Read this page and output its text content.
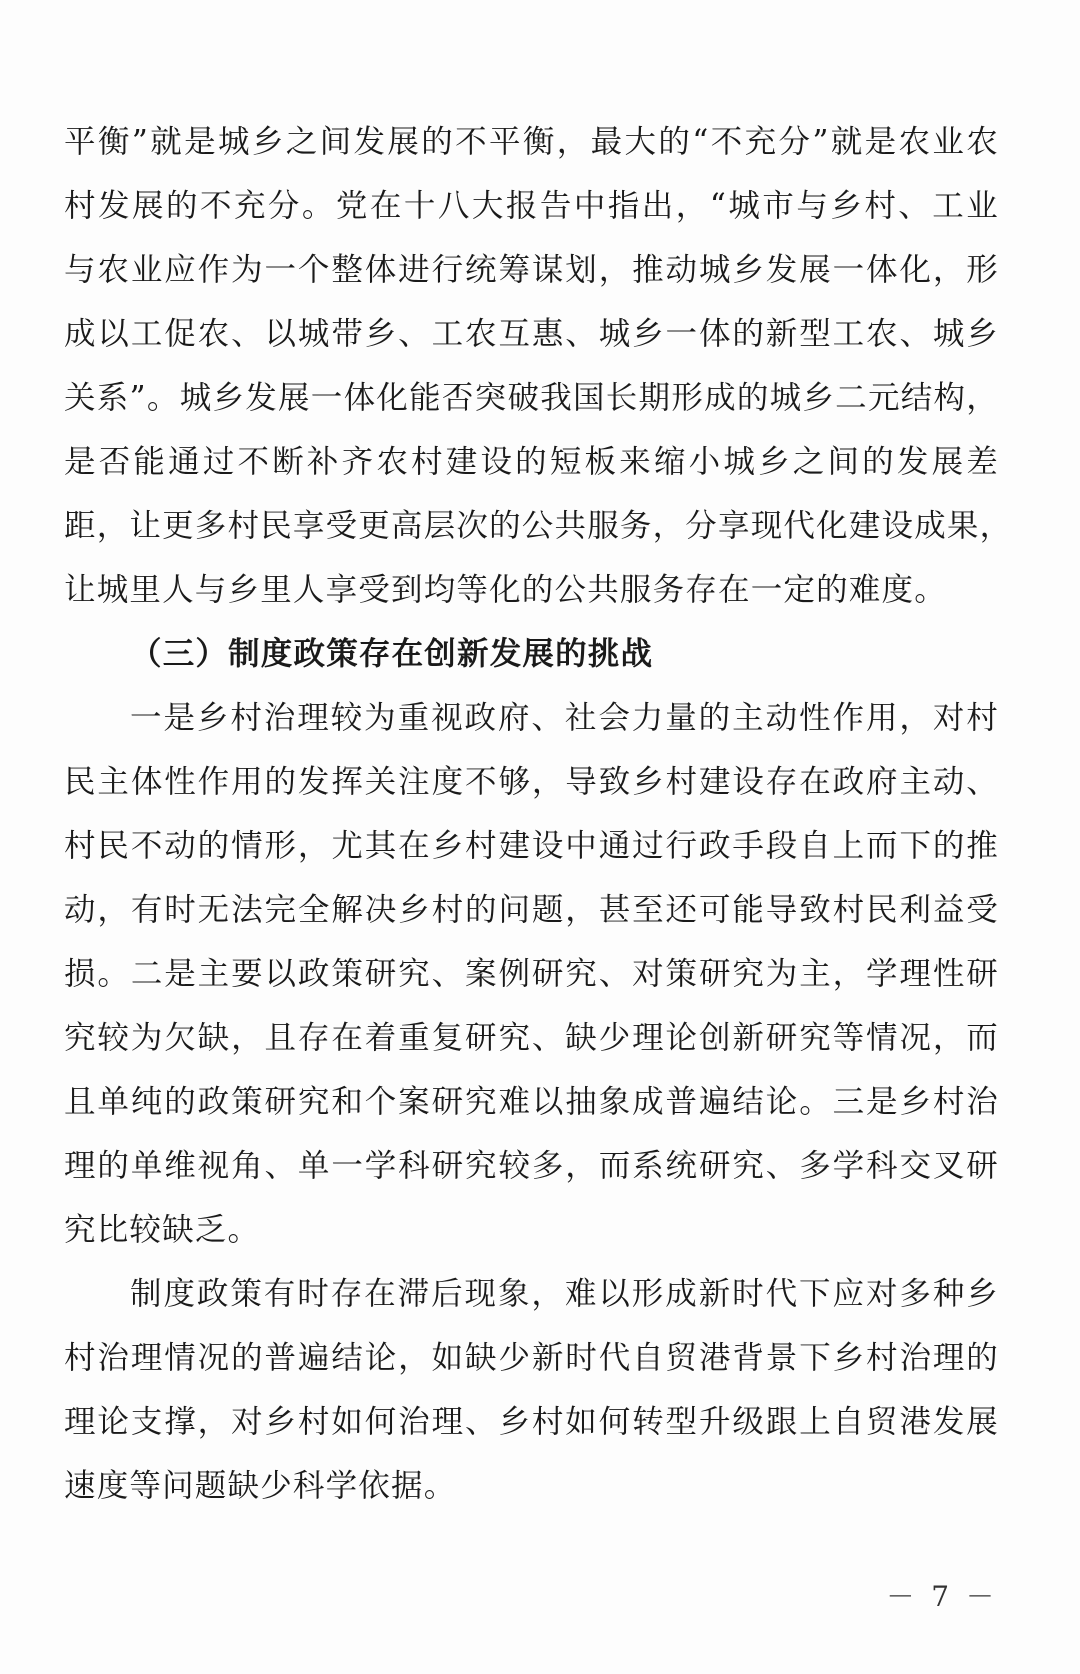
平衡”就是城乡之间发展的不平衡，最大的“不充分”就是农业农
村发展的不充分。党在十八大报告中指出，“城市与乡村、工业
与农业应作为一个整体进行统筹谋划，推动城乡发展一体化，形
成以工促农、以城带乡、工农互惠、城乡一体的新型工农、城乡
关系”。城乡发展一体化能否突破我国长期形成的城乡二元结构，
是否能通过不断补齐农村建设的短板来缩小城乡之间的发展差
距，让更多村民享受更高层次的公共服务，分享现代化建设成果，
让城里人与乡里人享受到均等化的公共服务存在一定的难度。
（三）制度政策存在创新发展的挑战
一是乡村治理较为重视政府、社会力量的主动性作用，对村
民主体性作用的发挥关注度不够，导致乡村建设存在政府主动、
村民不动的情形，尤其在乡村建设中通过行政手段自上而下的推
动，有时无法完全解决乡村的问题，甚至还可能导致村民利益受
损。二是主要以政策研究、案例研究、对策研究为主，学理性研
究较为欠缺，且存在着重复研究、缺少理论创新研究等情况，而
且单纯的政策研究和个案研究难以抽象成普遍结论。三是乡村治
理的单维视角、单一学科研究较多，而系统研究、多学科交叉研
究比较缺乏。
制度政策有时存在滞后现象，难以形成新时代下应对多种乡
村治理情况的普遍结论，如缺少新时代自贸港背景下乡村治理的
理论支撑，对乡村如何治理、乡村如何转型升级跟上自贸港发展
速度等问题缺少科学依据。
－ 7 －
